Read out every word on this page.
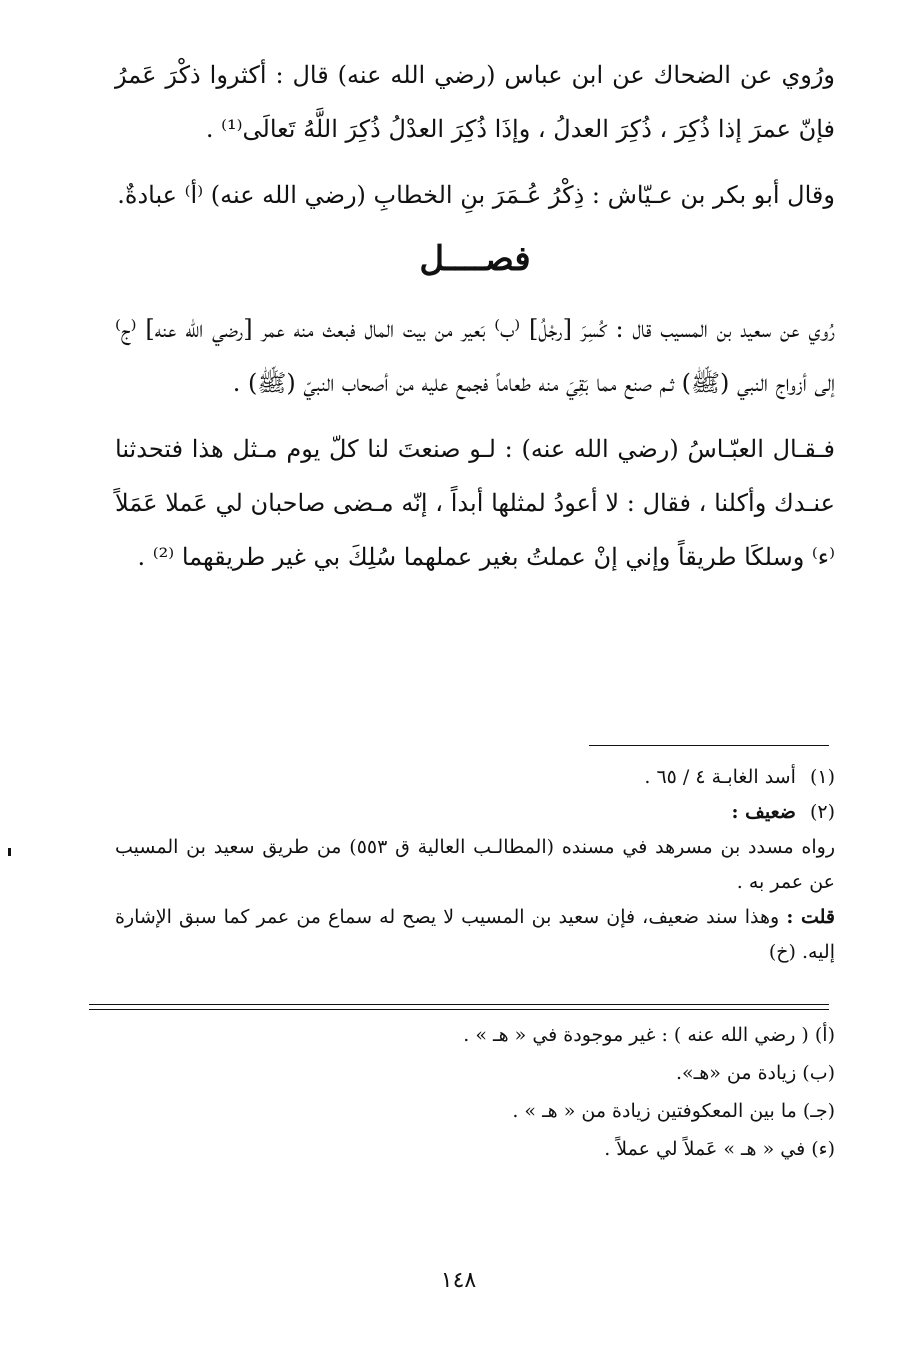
ورُوي عن الضحاك عن ابن عباس (رضي الله عنه) قال : أكثروا ذكْرَ عَمرُ فإنّ عمرَ إذا ذُكِرَ ، ذُكِرَ العدلُ ، وإذَا ذُكِرَ العدْلُ ذُكِرَ اللَّهُ تَعالَى⁽¹⁾ .

وقال أبو بكر بن عـيّاش : ذِكْرُ عُـمَرَ بنِ الخطابِ (رضي الله عنه) ⁽أ⁾ عبادةٌ.

فصــــل

رُوي عن سعيد بن المسيب قال : كُسِرَ [رجْلُ] ⁽ب⁾ بَعير من بيت المال فبعث منه عمر [رضي الله عنه] ⁽ج⁾ إلى أزواج النبي (ﷺ) ثـم صنع مما بَقِيَ منه طعاماً فجمع عليه من أصحاب النبيّ (ﷺ) .

فـقـال العبّـاسُ (رضي الله عنه) : لـو صنعتَ لنا كلّ يوم مـثل هذا فتحدثنا عنـدك وأكلنا ، فقال : لا أعودُ لمثلها أبداً ، إنّه مـضى صاحبان لي عَملا عَمَلاً ⁽ء⁾ وسلكَا طريقاً وإني إنْ عملتُ بغير عملهما سُلِكَ بي غير طريقهما ⁽²⁾ .

(١) أسد الغابـة ٤ / ٦٥ .

(٢) ضعيف :

رواه مسدد بن مسرهد في مسنده (المطالـب العالية ق ٥٥٣) من طريق سعيد بن المسيب عن عمر به .

قلت : وهذا سند ضعيف، فإن سعيد بن المسيب لا يصح له سماع من عمر كما سبق الإشارة إليه. (خ)

(أ) ( رضي الله عنه ) : غير موجودة في « هـ » .

(ب) زيادة من «هـ».

(جـ) ما بين المعكوفتين زيادة من « هـ » .

(ء) في « هـ » عَملاً لي عملاً .

١٤٨
